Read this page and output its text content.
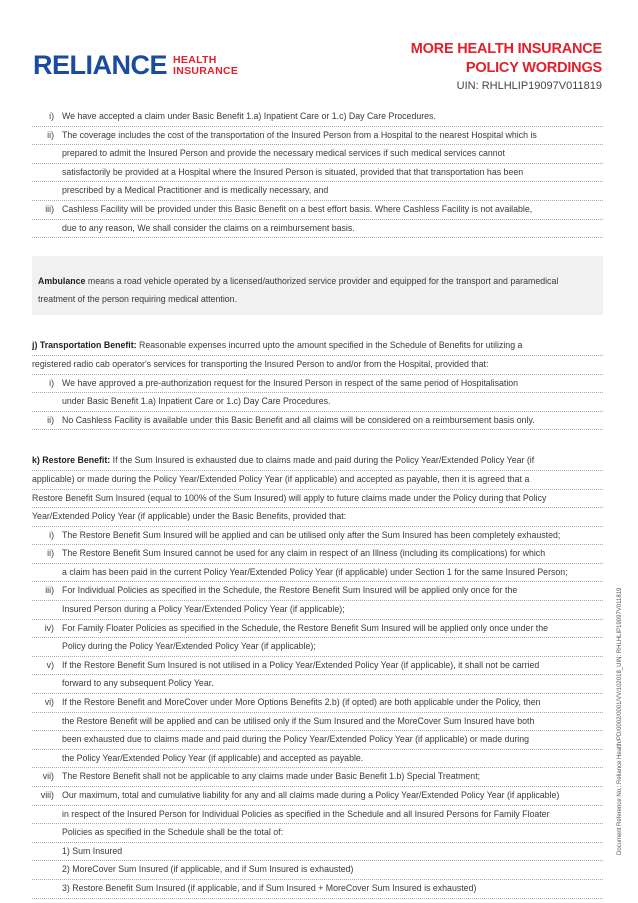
RELIANCE HEALTH
INSURANCE
MORE HEALTH INSURANCE
POLICY WORDINGS
UIN: RHLHLIP19097V011819
i) We have accepted a claim under Basic Benefit 1.a) Inpatient Care or 1.c) Day Care Procedures.
ii) The coverage includes the cost of the transportation of the Insured Person from a Hospital to the nearest Hospital which is
prepared to admit the Insured Person and provide the necessary medical services if such medical services cannot
satisfactorily be provided at a Hospital where the Insured Person is situated, provided that that transportation has been
prescribed by a Medical Practitioner and is medically necessary, and
iii) Cashless Facility will be provided under this Basic Benefit on a best effort basis. Where Cashless Facility is not available,
due to any reason, We shall consider the claims on a reimbursement basis.

Ambulance means a road vehicle operated by a licensed/authorized service provider and equipped for the transport and paramedical
treatment of the person requiring medical attention.

j) Transportation Benefit: Reasonable expenses incurred upto the amount specified in the Schedule of Benefits for utilizing a
registered radio cab operator's services for transporting the Insured Person to and/or from the Hospital, provided that:
i) We have approved a pre-authorization request for the Insured Person in respect of the same period of Hospitalisation
under Basic Benefit 1.a) Inpatient Care or 1.c) Day Care Procedures.
ii) No Cashless Facility is available under this Basic Benefit and all claims will be considered on a reimbursement basis only.
k) Restore Benefit: If the Sum Insured is exhausted due to claims made and paid during the Policy Year/Extended Policy Year (if
applicable) or made during the Policy Year/Extended Policy Year (if applicable) and accepted as payable, then it is agreed that a
Restore Benefit Sum Insured (equal to 100% of the Sum Insured) will apply to future claims made under the Policy during that Policy
Year/Extended Policy Year (if applicable) under the Basic Benefits, provided that:
i) The Restore Benefit Sum Insured will be applied and can be utilised only after the Sum Insured has been completely exhausted;
ii) The Restore Benefit Sum Insured cannot be used for any claim in respect of an Illness (including its complications) for which
a claim has been paid in the current Policy Year/Extended Policy Year (if applicable) under Section 1 for the same Insured Person;
iii) For Individual Policies as specified in the Schedule, the Restore Benefit Sum Insured will be applied only once for the
Insured Person during a Policy Year/Extended Policy Year (if applicable);
iv) For Family Floater Policies as specified in the Schedule, the Restore Benefit Sum Insured will be applied only once under the
Policy during the Policy Year/Extended Policy Year (if applicable);
v) If the Restore Benefit Sum Insured is not utilised in a Policy Year/Extended Policy Year (if applicable), it shall not be carried
forward to any subsequent Policy Year.
vi) If the Restore Benefit and MoreCover under More Options Benefits 2.b) (if opted) are both applicable under the Policy, then
the Restore Benefit will be applied and can be utilised only if the Sum Insured and the MoreCover Sum Insured have both
been exhausted due to claims made and paid during the Policy Year/Extended Policy Year (if applicable) or made during
the Policy Year/Extended Policy Year (if applicable) and accepted as payable.
vii) The Restore Benefit shall not be applicable to any claims made under Basic Benefit 1.b) Special Treatment;
viii) Our maximum, total and cumulative liability for any and all claims made during a Policy Year/Extended Policy Year (if applicable)
in respect of the Insured Person for Individual Policies as specified in the Schedule and all Insured Persons for Family Floater
Policies as specified in the Schedule shall be the total of:
1) Sum Insured
2) MoreCover Sum Insured (if applicable, and if Sum Insured is exhausted)
3) Restore Benefit Sum Insured (if applicable, and if Sum Insured + MoreCover Sum Insured is exhausted)
Document Reference No.: Reliance Health/PD/0002/0001/VV/102018_UIN: RHLHLIP19097V011819
